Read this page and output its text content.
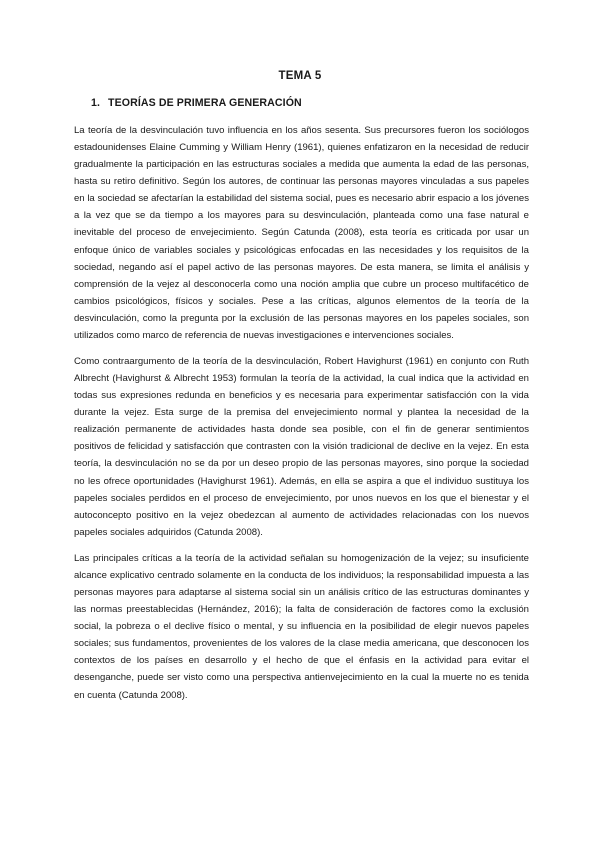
TEMA 5
1. TEORÍAS DE PRIMERA GENERACIÓN

La teoría de la desvinculación tuvo influencia en los años sesenta. Sus precursores fueron los sociólogos estadounidenses Elaine Cumming y William Henry (1961), quienes enfatizaron en la necesidad de reducir gradualmente la participación en las estructuras sociales a medida que aumenta la edad de las personas, hasta su retiro definitivo. Según los autores, de continuar las personas mayores vinculadas a sus papeles en la sociedad se afectarían la estabilidad del sistema social, pues es necesario abrir espacio a los jóvenes a la vez que se da tiempo a los mayores para su desvinculación, planteada como una fase natural e inevitable del proceso de envejecimiento. Según Catunda (2008), esta teoría es criticada por usar un enfoque único de variables sociales y psicológicas enfocadas en las necesidades y los requisitos de la sociedad, negando así el papel activo de las personas mayores. De esta manera, se limita el análisis y comprensión de la vejez al desconocerla como una noción amplia que cubre un proceso multifacético de cambios psicológicos, físicos y sociales. Pese a las críticas, algunos elementos de la teoría de la desvinculación, como la pregunta por la exclusión de las personas mayores en los papeles sociales, son utilizados como marco de referencia de nuevas investigaciones e intervenciones sociales.

Como contraargumento de la teoría de la desvinculación, Robert Havighurst (1961) en conjunto con Ruth Albrecht (Havighurst & Albrecht 1953) formulan la teoría de la actividad, la cual indica que la actividad en todas sus expresiones redunda en beneficios y es necesaria para experimentar satisfacción con la vida durante la vejez. Esta surge de la premisa del envejecimiento normal y plantea la necesidad de la realización permanente de actividades hasta donde sea posible, con el fin de generar sentimientos positivos de felicidad y satisfacción que contrasten con la visión tradicional de declive en la vejez. En esta teoría, la desvinculación no se da por un deseo propio de las personas mayores, sino porque la sociedad no les ofrece oportunidades (Havighurst 1961). Además, en ella se aspira a que el individuo sustituya los papeles sociales perdidos en el proceso de envejecimiento, por unos nuevos en los que el bienestar y el autoconcepto positivo en la vejez obedezcan al aumento de actividades relacionadas con los nuevos papeles sociales adquiridos (Catunda 2008).

Las principales críticas a la teoría de la actividad señalan su homogenización de la vejez; su insuficiente alcance explicativo centrado solamente en la conducta de los individuos; la responsabilidad impuesta a las personas mayores para adaptarse al sistema social sin un análisis crítico de las estructuras dominantes y las normas preestablecidas (Hernández, 2016); la falta de consideración de factores como la exclusión social, la pobreza o el declive físico o mental, y su influencia en la posibilidad de elegir nuevos papeles sociales; sus fundamentos, provenientes de los valores de la clase media americana, que desconocen los contextos de los países en desarrollo y el hecho de que el énfasis en la actividad para evitar el desenganche, puede ser visto como una perspectiva antienvejecimiento en la cual la muerte no es tenida en cuenta (Catunda 2008).
